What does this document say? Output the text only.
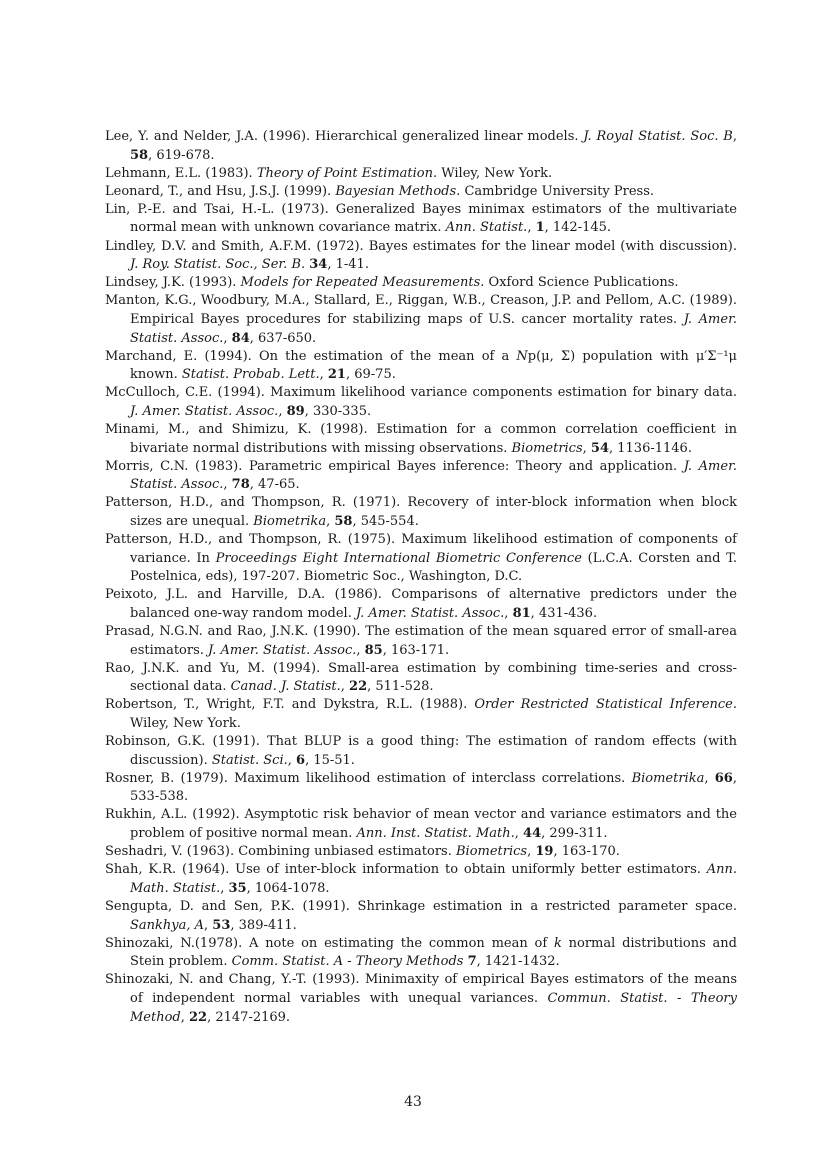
Lee, Y. and Nelder, J.A. (1996). Hierarchical generalized linear models. J. Royal Statist. Soc. B, 58, 619-678.

Lehmann, E.L. (1983). Theory of Point Estimation. Wiley, New York.

Leonard, T., and Hsu, J.S.J. (1999). Bayesian Methods. Cambridge University Press.

Lin, P.-E. and Tsai, H.-L. (1973). Generalized Bayes minimax estimators of the multivariate normal mean with unknown covariance matrix. Ann. Statist., 1, 142-145.

Lindley, D.V. and Smith, A.F.M. (1972). Bayes estimates for the linear model (with discussion). J. Roy. Statist. Soc., Ser. B. 34, 1-41.

Lindsey, J.K. (1993). Models for Repeated Measurements. Oxford Science Publications.

Manton, K.G., Woodbury, M.A., Stallard, E., Riggan, W.B., Creason, J.P. and Pellom, A.C. (1989). Empirical Bayes procedures for stabilizing maps of U.S. cancer mortality rates. J. Amer. Statist. Assoc., 84, 637-650.

Marchand, E. (1994). On the estimation of the mean of a Np(μ, Σ) population with μ′Σ⁻¹μ known. Statist. Probab. Lett., 21, 69-75.

McCulloch, C.E. (1994). Maximum likelihood variance components estimation for binary data. J. Amer. Statist. Assoc., 89, 330-335.

Minami, M., and Shimizu, K. (1998). Estimation for a common correlation coefficient in bivariate normal distributions with missing observations. Biometrics, 54, 1136-1146.

Morris, C.N. (1983). Parametric empirical Bayes inference: Theory and application. J. Amer. Statist. Assoc., 78, 47-65.

Patterson, H.D., and Thompson, R. (1971). Recovery of inter-block information when block sizes are unequal. Biometrika, 58, 545-554.

Patterson, H.D., and Thompson, R. (1975). Maximum likelihood estimation of components of variance. In Proceedings Eight International Biometric Conference (L.C.A. Corsten and T. Postelnica, eds), 197-207. Biometric Soc., Washington, D.C.

Peixoto, J.L. and Harville, D.A. (1986). Comparisons of alternative predictors under the balanced one-way random model. J. Amer. Statist. Assoc., 81, 431-436.

Prasad, N.G.N. and Rao, J.N.K. (1990). The estimation of the mean squared error of small-area estimators. J. Amer. Statist. Assoc., 85, 163-171.

Rao, J.N.K. and Yu, M. (1994). Small-area estimation by combining time-series and cross-sectional data. Canad. J. Statist., 22, 511-528.

Robertson, T., Wright, F.T. and Dykstra, R.L. (1988). Order Restricted Statistical Inference. Wiley, New York.

Robinson, G.K. (1991). That BLUP is a good thing: The estimation of random effects (with discussion). Statist. Sci., 6, 15-51.

Rosner, B. (1979). Maximum likelihood estimation of interclass correlations. Biometrika, 66, 533-538.

Rukhin, A.L. (1992). Asymptotic risk behavior of mean vector and variance estimators and the problem of positive normal mean. Ann. Inst. Statist. Math., 44, 299-311.

Seshadri, V. (1963). Combining unbiased estimators. Biometrics, 19, 163-170.

Shah, K.R. (1964). Use of inter-block information to obtain uniformly better estimators. Ann. Math. Statist., 35, 1064-1078.

Sengupta, D. and Sen, P.K. (1991). Shrinkage estimation in a restricted parameter space. Sankhya, A, 53, 389-411.

Shinozaki, N.(1978). A note on estimating the common mean of k normal distributions and Stein problem. Comm. Statist. A - Theory Methods 7, 1421-1432.

Shinozaki, N. and Chang, Y.-T. (1993). Minimaxity of empirical Bayes estimators of the means of independent normal variables with unequal variances. Commun. Statist. - Theory Method, 22, 2147-2169.

43
